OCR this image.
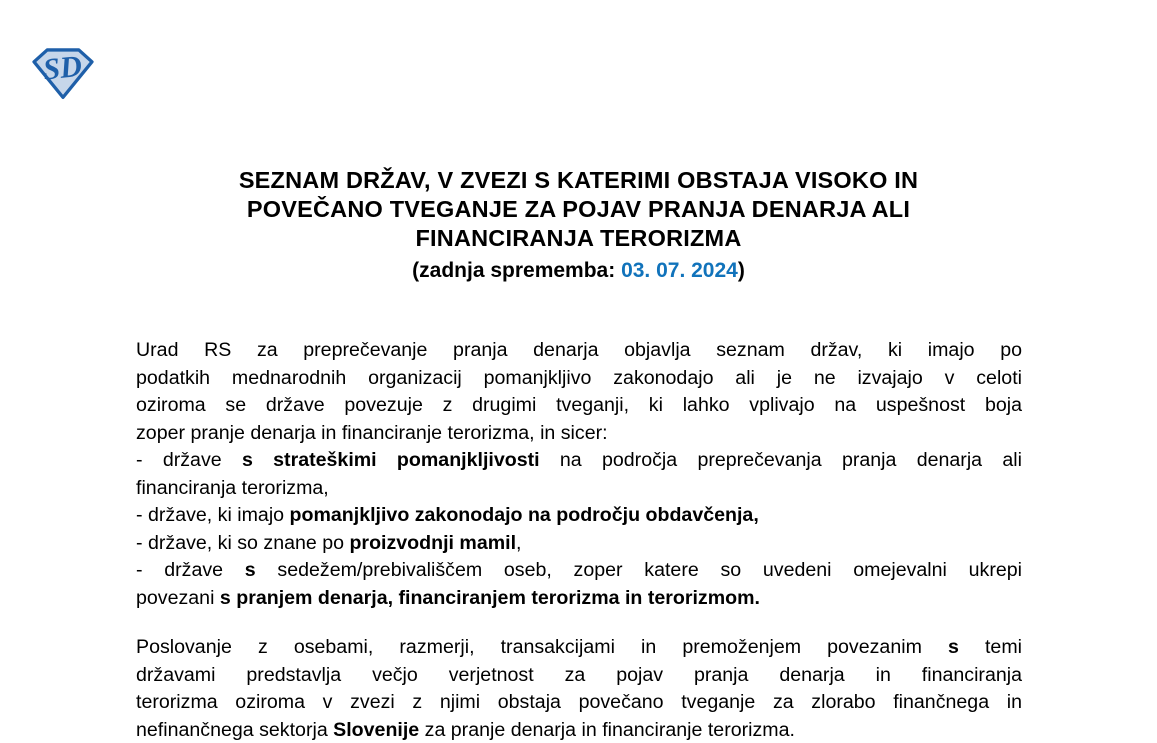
SD
SEZNAM DRŽAV, V ZVEZI S KATERIMI OBSTAJA VISOKO IN
POVEČANO TVEGANJE ZA POJAV PRANJA DENARJA ALI
FINANCIRANJA TERORIZMA
(zadnja sprememba: 03. 07. 2024)
Urad RS za preprečevanje pranja denarja objavlja seznam držav, ki imajo po
podatkih mednarodnih organizacij pomanjkljivo zakonodajo ali je ne izvajajo v celoti
oziroma se države povezuje z drugimi tveganji, ki lahko vplivajo na uspešnost boja
zoper pranje denarja in financiranje terorizma, in sicer:
- države s strateškimi pomanjkljivosti na področja preprečevanja pranja denarja ali
financiranja terorizma,
- države, ki imajo pomanjkljivo zakonodajo na področju obdavčenja,
- države, ki so znane po proizvodnji mamil,
- države s sedežem/prebivališčem oseb, zoper katere so uvedeni omejevalni ukrepi
povezani s pranjem denarja, financiranjem terorizma in terorizmom.
Poslovanje z osebami, razmerji, transakcijami in premoženjem povezanim s temi
državami predstavlja večjo verjetnost za pojav pranja denarja in financiranja
terorizma oziroma v zvezi z njimi obstaja povečano tveganje za zlorabo finančnega in
nefinančnega sektorja Slovenije za pranje denarja in financiranje terorizma.
